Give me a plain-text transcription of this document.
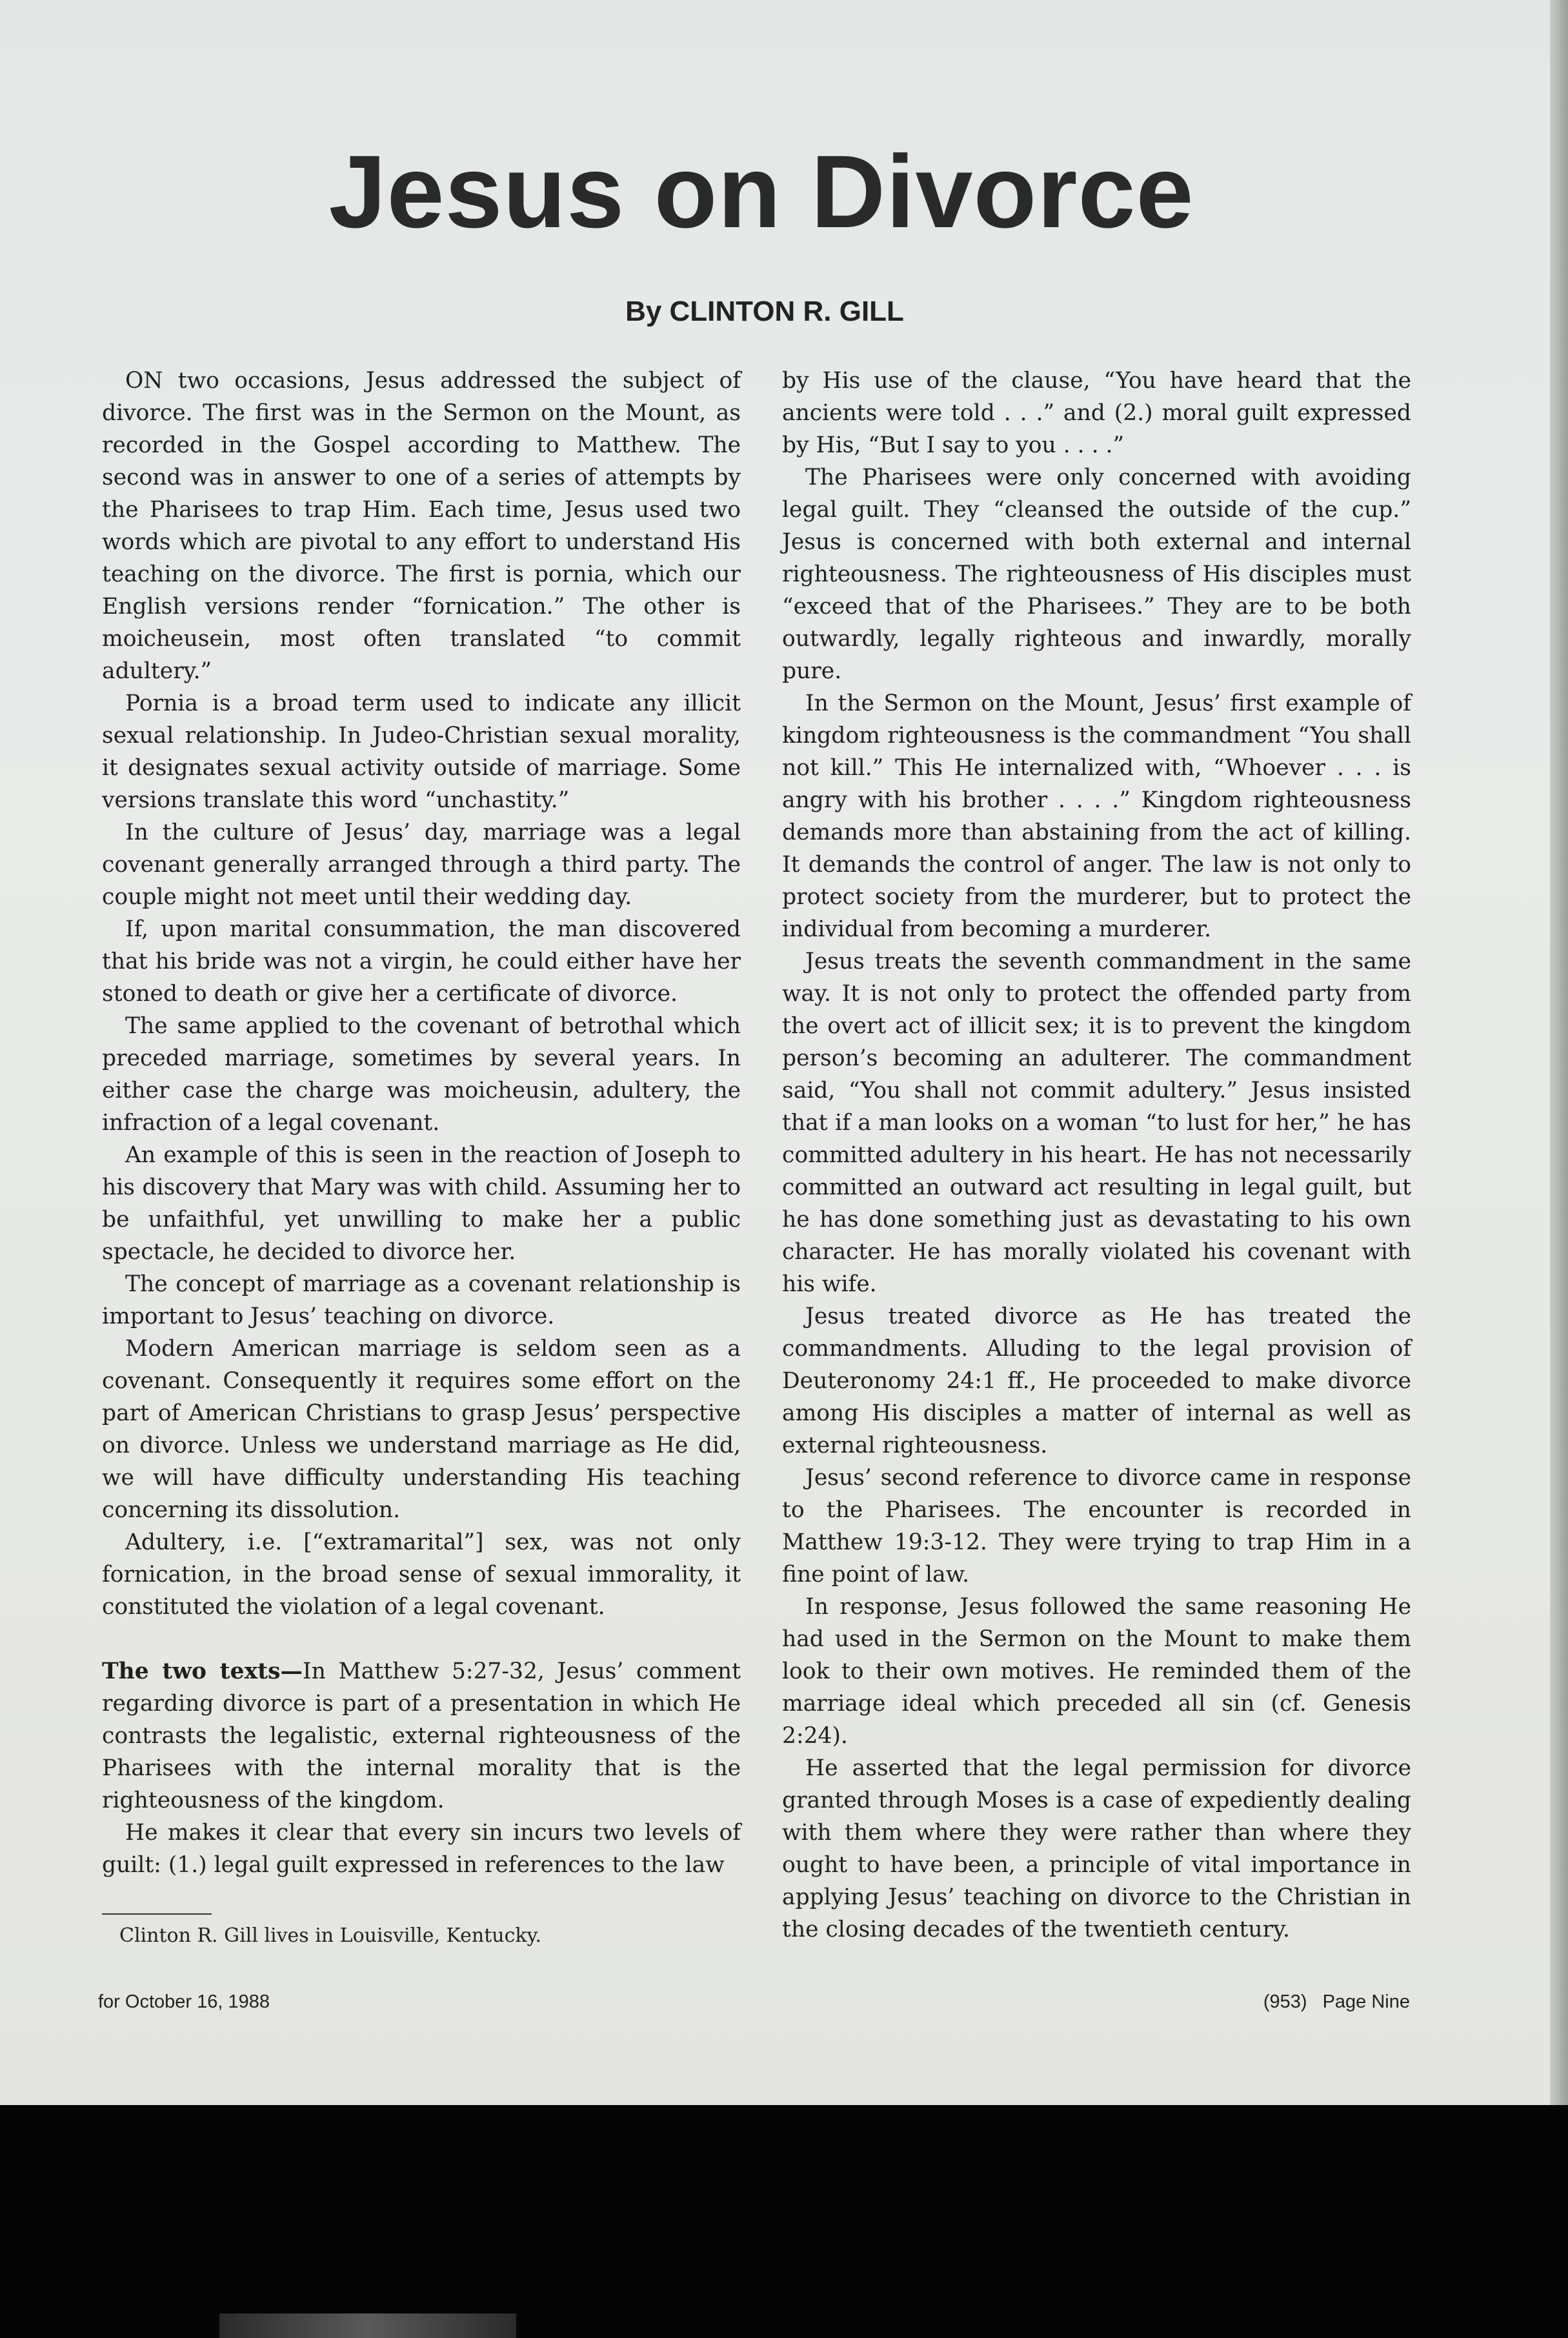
Jesus on Divorce
By CLINTON R. GILL

ON two occasions, Jesus addressed the subject of divorce. The first was in the Sermon on the Mount, as recorded in the Gospel according to Matthew. The second was in answer to one of a series of attempts by the Pharisees to trap Him. Each time, Jesus used two words which are pivotal to any effort to understand His teaching on the divorce. The first is pornia, which our English versions render “fornication.” The other is moicheusein, most often translated “to commit adultery.”

Pornia is a broad term used to indicate any illicit sexual relationship. In Judeo-Christian sexual morality, it designates sexual activity outside of marriage. Some versions translate this word “unchastity.”

In the culture of Jesus’ day, marriage was a legal covenant generally arranged through a third party. The couple might not meet until their wedding day.

If, upon marital consummation, the man discovered that his bride was not a virgin, he could either have her stoned to death or give her a certificate of divorce.

The same applied to the covenant of betrothal which preceded marriage, sometimes by several years. In either case the charge was moicheusin, adultery, the infraction of a legal covenant.

An example of this is seen in the reaction of Joseph to his discovery that Mary was with child. Assuming her to be unfaithful, yet unwilling to make her a public spectacle, he decided to divorce her.

The concept of marriage as a covenant relationship is important to Jesus’ teaching on divorce.

Modern American marriage is seldom seen as a covenant. Consequently it requires some effort on the part of American Christians to grasp Jesus’ perspective on divorce. Unless we understand marriage as He did, we will have difficulty understanding His teaching concerning its dissolution.

Adultery, i.e. [“extramarital”] sex, was not only fornication, in the broad sense of sexual immorality, it constituted the violation of a legal covenant.

The two texts—In Matthew 5:27-32, Jesus’ comment regarding divorce is part of a presentation in which He contrasts the legalistic, external righteousness of the Pharisees with the internal morality that is the righteousness of the kingdom.

He makes it clear that every sin incurs two levels of guilt: (1.) legal guilt expressed in references to the law

by His use of the clause, “You have heard that the ancients were told . . .” and (2.) moral guilt expressed by His, “But I say to you . . . .”

The Pharisees were only concerned with avoiding legal guilt. They “cleansed the outside of the cup.” Jesus is concerned with both external and internal righteousness. The righteousness of His disciples must “exceed that of the Pharisees.” They are to be both outwardly, legally righteous and inwardly, morally pure.

In the Sermon on the Mount, Jesus’ first example of kingdom righteousness is the commandment “You shall not kill.” This He internalized with, “Whoever . . . is angry with his brother . . . .” Kingdom righteousness demands more than abstaining from the act of killing. It demands the control of anger. The law is not only to protect society from the murderer, but to protect the individual from becoming a murderer.

Jesus treats the seventh commandment in the same way. It is not only to protect the offended party from the overt act of illicit sex; it is to prevent the kingdom person’s becoming an adulterer. The commandment said, “You shall not commit adultery.” Jesus insisted that if a man looks on a woman “to lust for her,” he has committed adultery in his heart. He has not necessarily committed an outward act resulting in legal guilt, but he has done something just as devastating to his own character. He has morally violated his covenant with his wife.

Jesus treated divorce as He has treated the commandments. Alluding to the legal provision of Deuteronomy 24:1 ff., He proceeded to make divorce among His disciples a matter of internal as well as external righteousness.

Jesus’ second reference to divorce came in response to the Pharisees. The encounter is recorded in Matthew 19:3-12. They were trying to trap Him in a fine point of law.

In response, Jesus followed the same reasoning He had used in the Sermon on the Mount to make them look to their own motives. He reminded them of the marriage ideal which preceded all sin (cf. Genesis 2:24).

He asserted that the legal permission for divorce granted through Moses is a case of expediently dealing with them where they were rather than where they ought to have been, a principle of vital importance in applying Jesus’ teaching on divorce to the Christian in the closing decades of the twentieth century.

Clinton R. Gill lives in Louisville, Kentucky.
for October 16, 1988	(953) Page Nine
